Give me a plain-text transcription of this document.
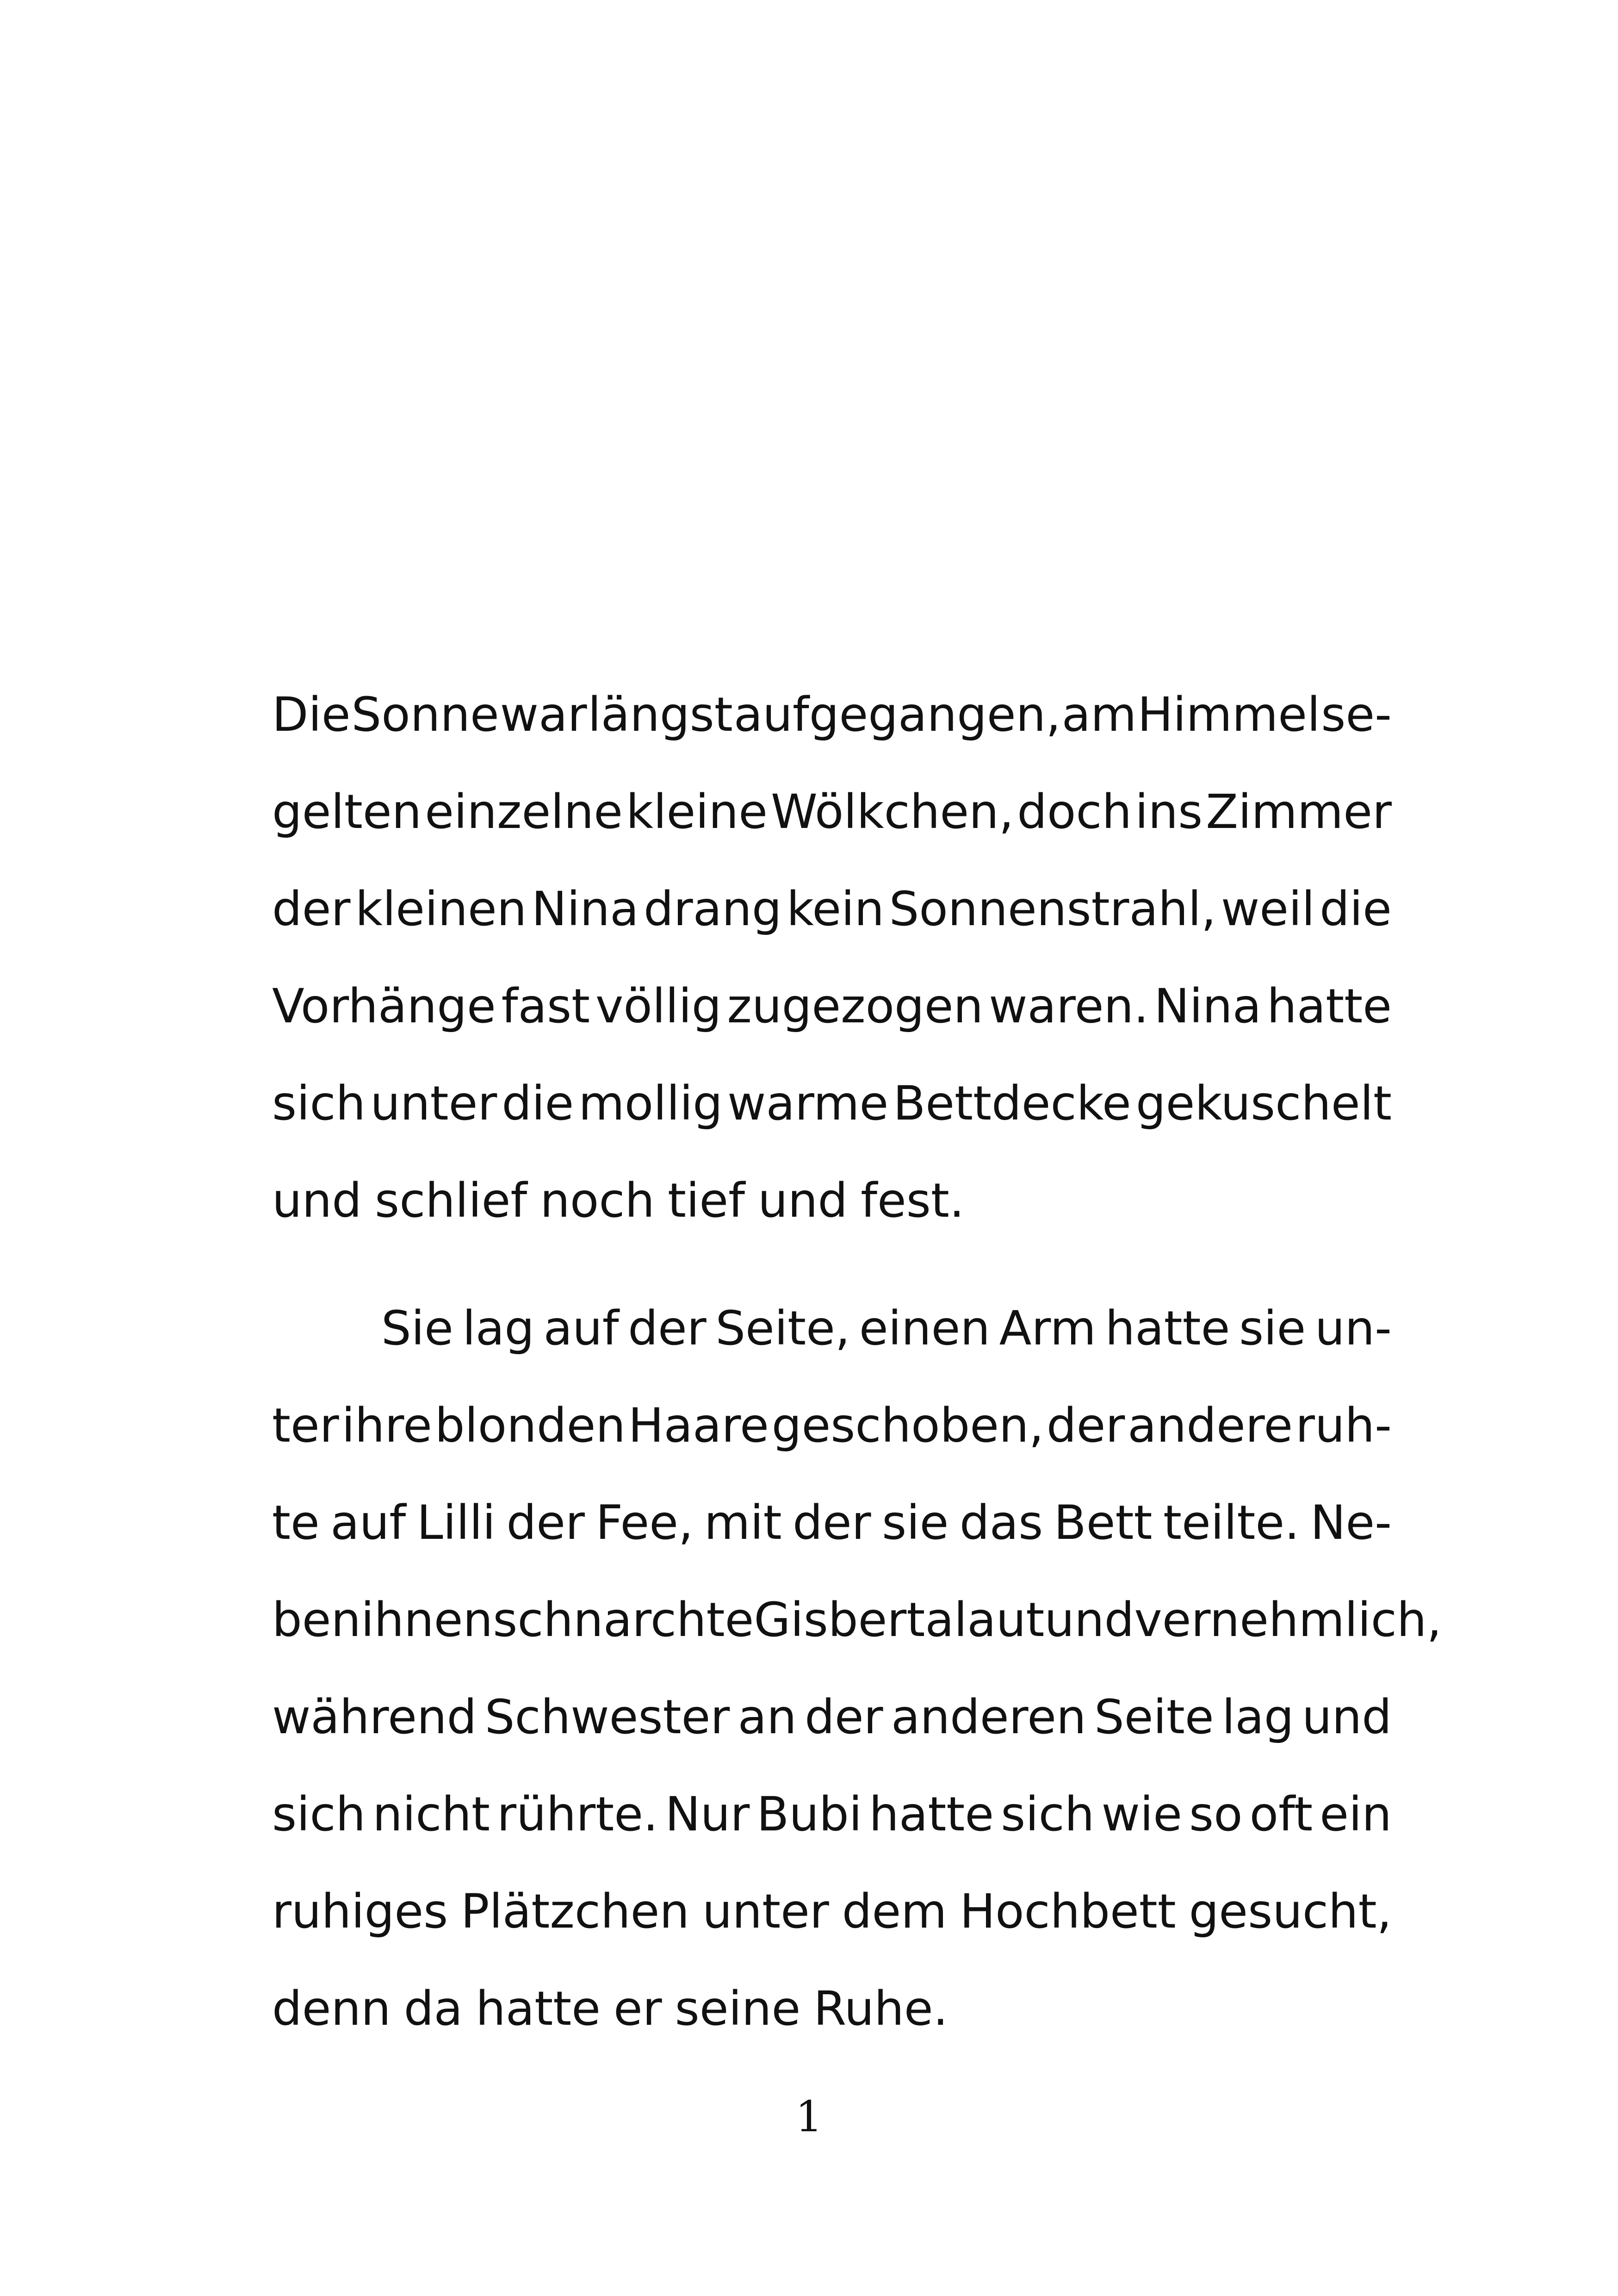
Die Sonne war längst aufgegangen, am Himmel se-
gelten einzelne kleine Wölkchen, doch ins Zimmer
der kleinen Nina drang kein Sonnenstrahl, weil die
Vorhänge fast völlig zugezogen waren. Nina hatte
sich unter die mollig warme Bettdecke gekuschelt
und schlief noch tief und fest.
Sie lag auf der Seite, einen Arm hatte sie un-
ter ihre blonden Haare geschoben, der andere ruh-
te auf Lilli der Fee, mit der sie das Bett teilte. Ne-
ben ihnen schnarchte Gisberta laut und vernehmlich,
während Schwester an der anderen Seite lag und
sich nicht rührte. Nur Bubi hatte sich wie so oft ein
ruhiges Plätzchen unter dem Hochbett gesucht,
denn da hatte er seine Ruhe.
1
